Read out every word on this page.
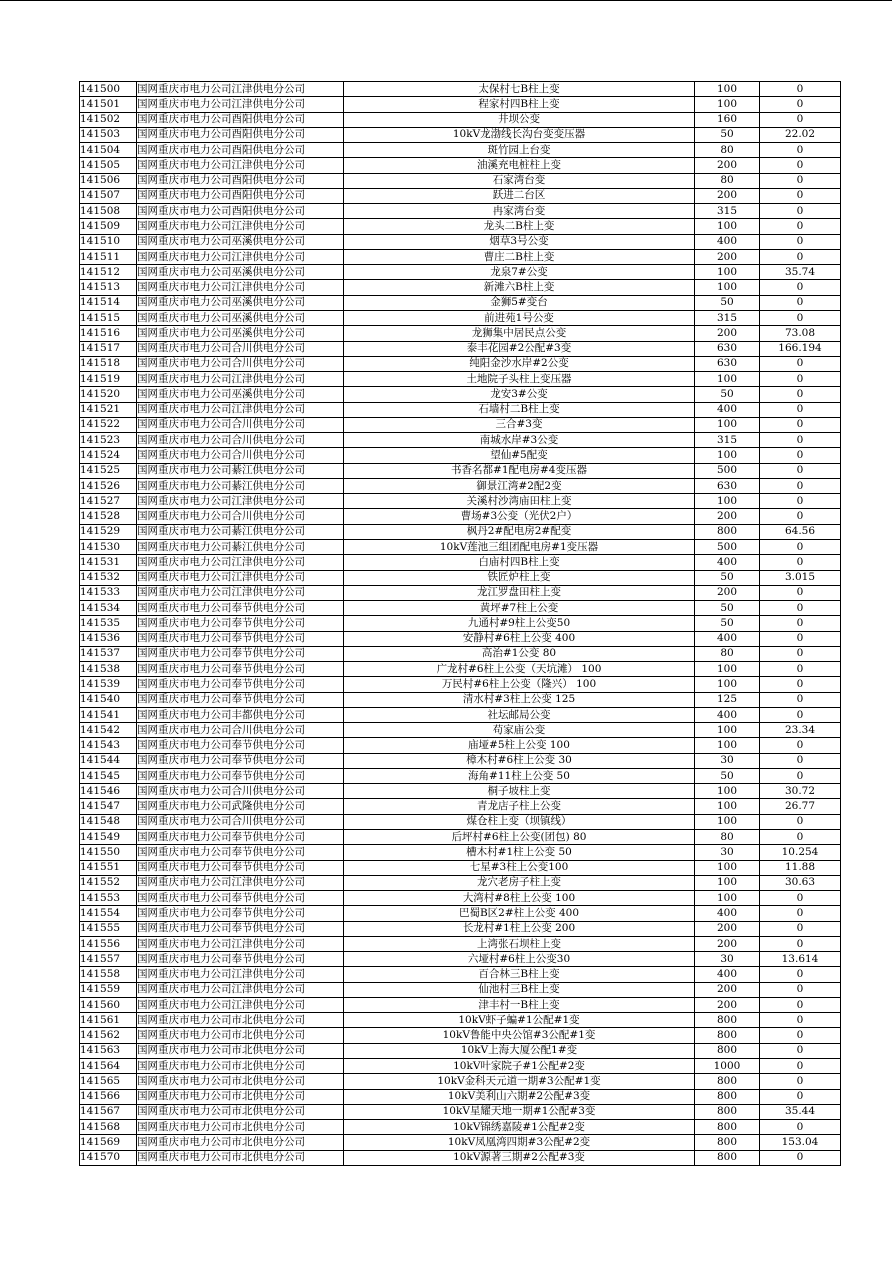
141500	国网重庆市电力公司江津供电分公司	太保村七B柱上变	100	0
141501	国网重庆市电力公司江津供电分公司	程家村四B柱上变	100	0
141502	国网重庆市电力公司酉阳供电分公司	井坝公变	160	0
141503	国网重庆市电力公司酉阳供电分公司	10kV龙渤线长沟台变变压器	50	22.02
141504	国网重庆市电力公司酉阳供电分公司	斑竹园上台变	80	0
141505	国网重庆市电力公司江津供电分公司	油溪充电桩柱上变	200	0
141506	国网重庆市电力公司酉阳供电分公司	石家湾台变	80	0
141507	国网重庆市电力公司酉阳供电分公司	跃进二台区	200	0
141508	国网重庆市电力公司酉阳供电分公司	冉家湾台变	315	0
141509	国网重庆市电力公司江津供电分公司	龙头二B柱上变	100	0
141510	国网重庆市电力公司巫溪供电分公司	烟草3号公变	400	0
141511	国网重庆市电力公司江津供电分公司	曹庄二B柱上变	200	0
141512	国网重庆市电力公司巫溪供电分公司	龙泉7#公变	100	35.74
141513	国网重庆市电力公司江津供电分公司	新滩六B柱上变	100	0
141514	国网重庆市电力公司巫溪供电分公司	金狮5#变台	50	0
141515	国网重庆市电力公司巫溪供电分公司	前进苑1号公变	315	0
141516	国网重庆市电力公司巫溪供电分公司	龙狮集中居民点公变	200	73.08
141517	国网重庆市电力公司合川供电分公司	泰丰花园#2公配#3变	630	166.194
141518	国网重庆市电力公司合川供电分公司	纯阳金沙水岸#2公变	630	0
141519	国网重庆市电力公司江津供电分公司	土地院子头柱上变压器	100	0
141520	国网重庆市电力公司巫溪供电分公司	龙安3#公变	50	0
141521	国网重庆市电力公司江津供电分公司	石墙村二B柱上变	400	0
141522	国网重庆市电力公司合川供电分公司	三合#3变	100	0
141523	国网重庆市电力公司合川供电分公司	南城水岸#3公变	315	0
141524	国网重庆市电力公司合川供电分公司	望仙#5配变	100	0
141525	国网重庆市电力公司綦江供电分公司	书香名都#1配电房#4变压器	500	0
141526	国网重庆市电力公司綦江供电分公司	御景江湾#2配2变	630	0
141527	国网重庆市电力公司江津供电分公司	关溪村沙湾庙田柱上变	100	0
141528	国网重庆市电力公司合川供电分公司	曹场#3公变（光伏2户）	200	0
141529	国网重庆市电力公司綦江供电分公司	枫丹2#配电房2#配变	800	64.56
141530	国网重庆市电力公司綦江供电分公司	10kV莲池三组团配电房#1变压器	500	0
141531	国网重庆市电力公司江津供电分公司	白庙村四B柱上变	400	0
141532	国网重庆市电力公司江津供电分公司	铁匠炉柱上变	50	3.015
141533	国网重庆市电力公司江津供电分公司	龙江罗盘田柱上变	200	0
141534	国网重庆市电力公司奉节供电分公司	黄坪#7柱上公变	50	0
141535	国网重庆市电力公司奉节供电分公司	九通村#9柱上公变50	50	0
141536	国网重庆市电力公司奉节供电分公司	安静村#6柱上公变 400	400	0
141537	国网重庆市电力公司奉节供电分公司	高治#1公变 80	80	0
141538	国网重庆市电力公司奉节供电分公司	广龙村#6柱上公变（天坑滩） 100	100	0
141539	国网重庆市电力公司奉节供电分公司	万民村#6柱上公变（隆兴） 100	100	0
141540	国网重庆市电力公司奉节供电分公司	清水村#3柱上公变 125	125	0
141541	国网重庆市电力公司丰都供电分公司	社坛邮局公变	400	0
141542	国网重庆市电力公司合川供电分公司	苟家庙公变	100	23.34
141543	国网重庆市电力公司奉节供电分公司	庙垭#5柱上公变 100	100	0
141544	国网重庆市电力公司奉节供电分公司	樟木村#6柱上公变 30	30	0
141545	国网重庆市电力公司奉节供电分公司	海角#11柱上公变 50	50	0
141546	国网重庆市电力公司合川供电分公司	桐子坡柱上变	100	30.72
141547	国网重庆市电力公司武隆供电分公司	青龙店子柱上公变	100	26.77
141548	国网重庆市电力公司合川供电分公司	煤仓柱上变（坝镇线）	100	0
141549	国网重庆市电力公司奉节供电分公司	后坪村#6柱上公变(团包) 80	80	0
141550	国网重庆市电力公司奉节供电分公司	槽木村#1柱上公变 50	30	10.254
141551	国网重庆市电力公司奉节供电分公司	七星#3柱上公变100	100	11.88
141552	国网重庆市电力公司江津供电分公司	龙穴老房子柱上变	100	30.63
141553	国网重庆市电力公司奉节供电分公司	大湾村#8柱上公变 100	100	0
141554	国网重庆市电力公司奉节供电分公司	巴蜀B区2#柱上公变 400	400	0
141555	国网重庆市电力公司奉节供电分公司	长龙村#1柱上公变 200	200	0
141556	国网重庆市电力公司江津供电分公司	上湾张石坝柱上变	200	0
141557	国网重庆市电力公司奉节供电分公司	六垭村#6柱上公变30	30	13.614
141558	国网重庆市电力公司江津供电分公司	百合林三B柱上变	400	0
141559	国网重庆市电力公司江津供电分公司	仙池村三B柱上变	200	0
141560	国网重庆市电力公司江津供电分公司	津丰村一B柱上变	200	0
141561	国网重庆市电力公司市北供电分公司	10kV虾子蝙#1公配#1变	800	0
141562	国网重庆市电力公司市北供电分公司	10kV鲁能中央公馆#3公配#1变	800	0
141563	国网重庆市电力公司市北供电分公司	10kV上海大厦公配1#变	800	0
141564	国网重庆市电力公司市北供电分公司	10kV叶家院子#1公配#2变	1000	0
141565	国网重庆市电力公司市北供电分公司	10kV金科天元道一期#3公配#1变	800	0
141566	国网重庆市电力公司市北供电分公司	10kV美利山六期#2公配#3变	800	0
141567	国网重庆市电力公司市北供电分公司	10kV星耀天地一期#1公配#3变	800	35.44
141568	国网重庆市电力公司市北供电分公司	10kV锦绣嘉陵#1公配#2变	800	0
141569	国网重庆市电力公司市北供电分公司	10kV凤凰湾四期#3公配#2变	800	153.04
141570	国网重庆市电力公司市北供电分公司	10kV源著三期#2公配#3变	800	0
